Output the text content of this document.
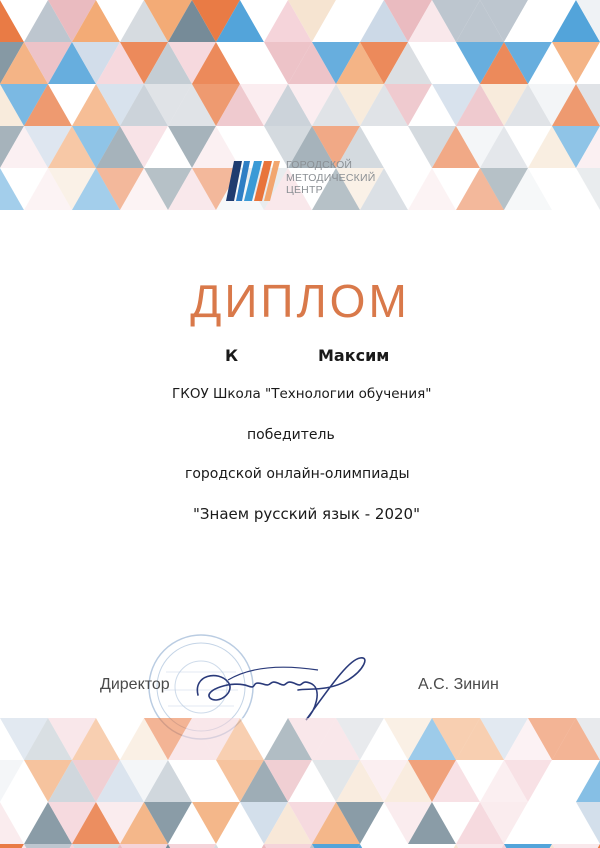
ГОРОДСКОЙ
МЕТОДИЧЕСКИЙ
ЦЕНТР
ДИПЛОМ
К	Максим
ГКОУ Школа "Технологии обучения"
победитель
городской онлайн-олимпиады
"Знаем русский язык - 2020"
Директор	А.С. Зинин
